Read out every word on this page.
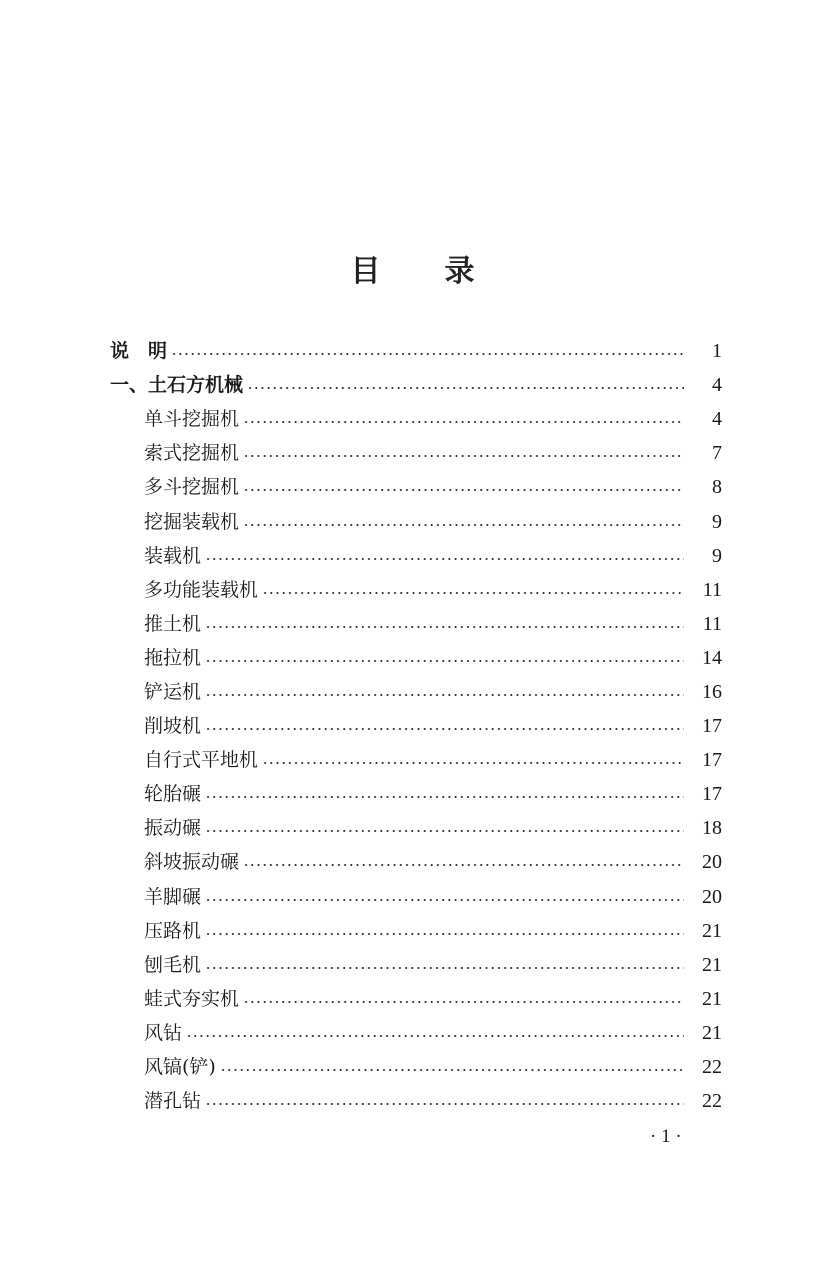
目 录
说　明	1
一、土石方机械	4
单斗挖掘机	4
索式挖掘机	7
多斗挖掘机	8
挖掘装载机	9
装载机	9
多功能装载机	11
推土机	11
拖拉机	14
铲运机	16
削坡机	17
自行式平地机	17
轮胎碾	17
振动碾	18
斜坡振动碾	20
羊脚碾	20
压路机	21
刨毛机	21
蛙式夯实机	21
风钻	21
风镐(铲)	22
潜孔钻	22
· 1 ·
